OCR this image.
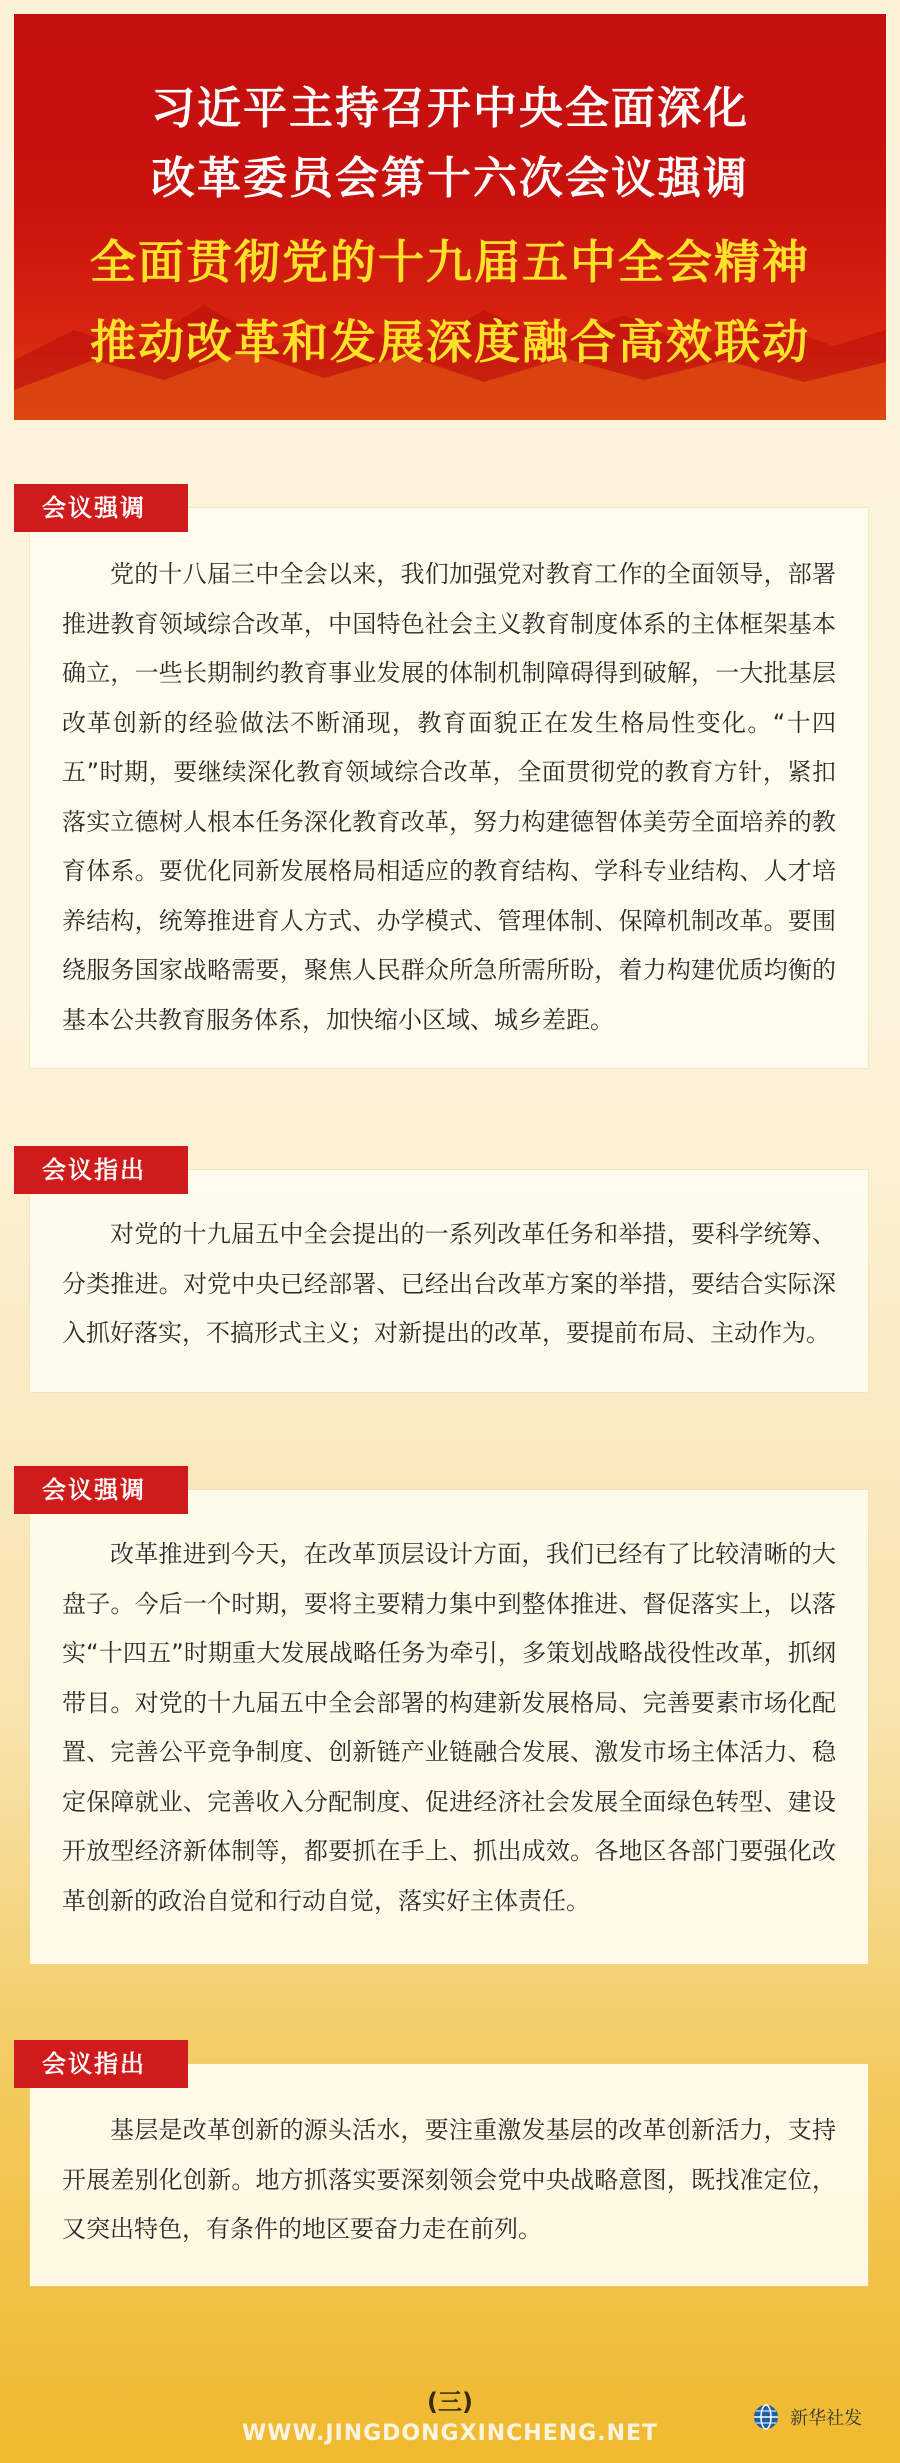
习近平主持召开中央全面深化
改革委员会第十六次会议强调
全面贯彻党的十九届五中全会精神
推动改革和发展深度融合高效联动

党的十八届三中全会以来，我们加强党对教育工作的全面领导，部署推进教育领域综合改革，中国特色社会主义教育制度体系的主体框架基本确立，一些长期制约教育事业发展的体制机制障碍得到破解，一大批基层改革创新的经验做法不断涌现，教育面貌正在发生格局性变化。“十四五”时期，要继续深化教育领域综合改革，全面贯彻党的教育方针，紧扣落实立德树人根本任务深化教育改革，努力构建德智体美劳全面培养的教育体系。要优化同新发展格局相适应的教育结构、学科专业结构、人才培养结构，统筹推进育人方式、办学模式、管理体制、保障机制改革。要围绕服务国家战略需要，聚焦人民群众所急所需所盼，着力构建优质均衡的基本公共教育服务体系，加快缩小区域、城乡差距。

会议强调

对党的十九届五中全会提出的一系列改革任务和举措，要科学统筹、分类推进。对党中央已经部署、已经出台改革方案的举措，要结合实际深入抓好落实，不搞形式主义；对新提出的改革，要提前布局、主动作为。

会议指出

改革推进到今天，在改革顶层设计方面，我们已经有了比较清晰的大盘子。今后一个时期，要将主要精力集中到整体推进、督促落实上，以落实“十四五”时期重大发展战略任务为牵引，多策划战略战役性改革，抓纲带目。对党的十九届五中全会部署的构建新发展格局、完善要素市场化配置、完善公平竞争制度、创新链产业链融合发展、激发市场主体活力、稳定保障就业、完善收入分配制度、促进经济社会发展全面绿色转型、建设开放型经济新体制等，都要抓在手上、抓出成效。各地区各部门要强化改革创新的政治自觉和行动自觉，落实好主体责任。

会议强调

基层是改革创新的源头活水，要注重激发基层的改革创新活力，支持开展差别化创新。地方抓落实要深刻领会党中央战略意图，既找准定位，又突出特色，有条件的地区要奋力走在前列。

会议指出
(三)
WWW.JINGDONGXINCHENG.NET
新华社发
